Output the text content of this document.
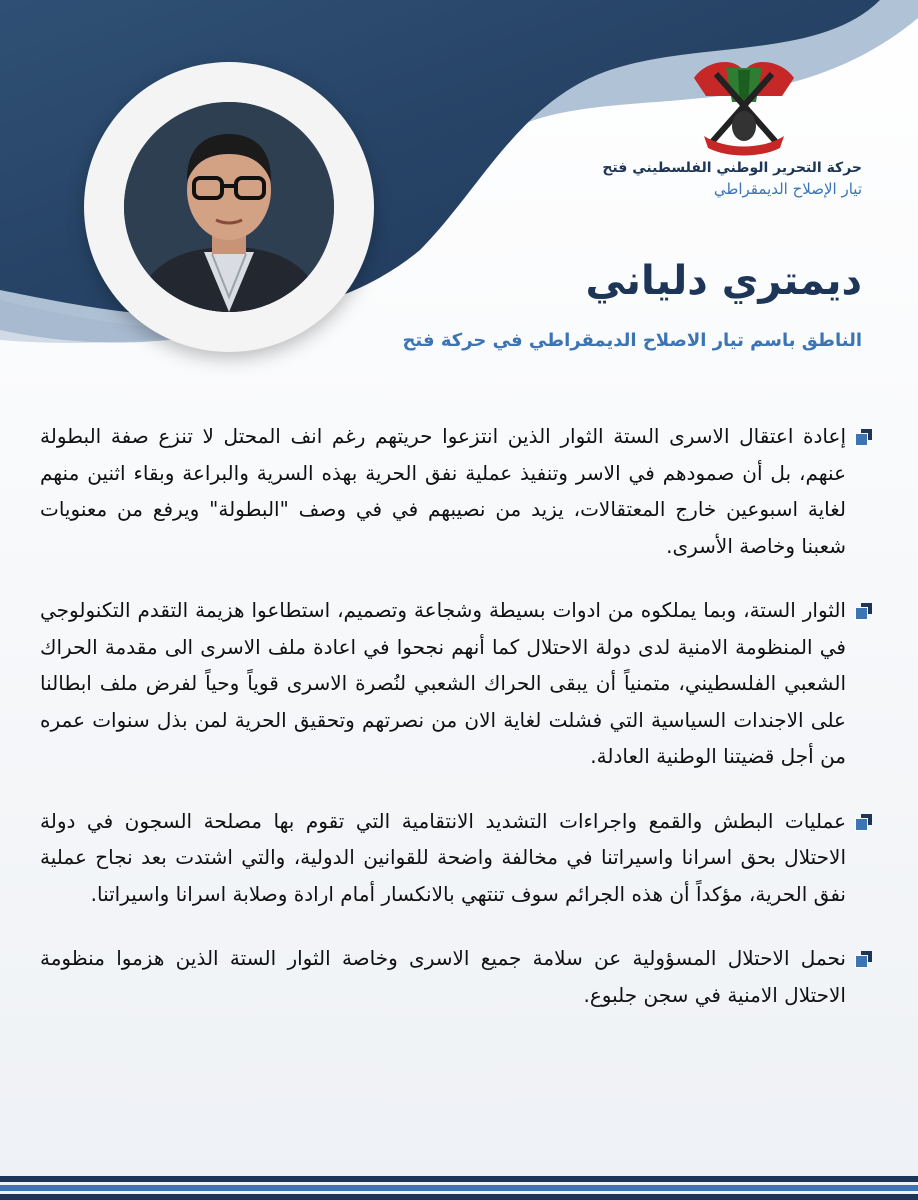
حركة التحرير الوطني الفلسطيني فتح
تيار الإصلاح الديمقراطي
ديمتري دلياني
الناطق باسم تيار الاصلاح الديمقراطي في حركة فتح
إعادة اعتقال الاسرى الستة الثوار الذين انتزعوا حريتهم رغم انف المحتل لا تنزع صفة البطولة عنهم، بل أن صمودهم في الاسر وتنفيذ عملية نفق الحرية بهذه السرية والبراعة وبقاء اثنين منهم لغاية اسبوعين خارج المعتقالات، يزيد من نصيبهم في في وصف "البطولة" ويرفع من معنويات شعبنا وخاصة الأسرى.
الثوار الستة، وبما يملكوه من ادوات بسيطة وشجاعة وتصميم، استطاعوا هزيمة التقدم التكنولوجي في المنظومة الامنية لدى دولة الاحتلال كما أنهم نجحوا في اعادة ملف الاسرى الى مقدمة الحراك الشعبي الفلسطيني، متمنياً أن يبقى الحراك الشعبي لنُصرة الاسرى قوياً وحياً لفرض ملف ابطالنا على الاجندات السياسية التي فشلت لغاية الان من نصرتهم وتحقيق الحرية لمن بذل سنوات عمره من أجل قضيتنا الوطنية العادلة.
عمليات البطش والقمع واجراءات التشديد الانتقامية التي تقوم بها مصلحة السجون في دولة الاحتلال بحق اسرانا واسيراتنا في مخالفة واضحة للقوانين الدولية، والتي اشتدت بعد نجاح عملية نفق الحرية، مؤكداً أن هذه الجرائم سوف تنتهي بالانكسار أمام ارادة وصلابة اسرانا واسيراتنا.
نحمل الاحتلال المسؤولية عن سلامة جميع الاسرى وخاصة الثوار الستة الذين هزموا منظومة الاحتلال الامنية في سجن جلبوع.
